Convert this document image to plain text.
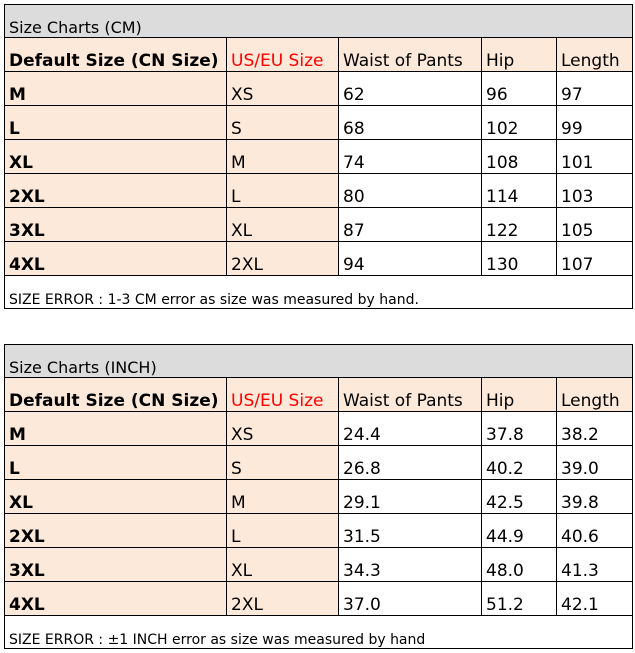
Size Charts (CM)				
Default Size (CN Size)	US/EU Size	Waist of Pants	Hip	Length
M	XS	62	96	97
L	S	68	102	99
XL	M	74	108	101
2XL	L	80	114	103
3XL	XL	87	122	105
4XL	2XL	94	130	107
SIZE ERROR : 1-3 CM error as size was measured by hand.				
Size Charts (INCH)				
Default Size (CN Size)	US/EU Size	Waist of Pants	Hip	Length
M	XS	24.4	37.8	38.2
L	S	26.8	40.2	39.0
XL	M	29.1	42.5	39.8
2XL	L	31.5	44.9	40.6
3XL	XL	34.3	48.0	41.3
4XL	2XL	37.0	51.2	42.1
SIZE ERROR : ±1 INCH error as size was measured by hand				
